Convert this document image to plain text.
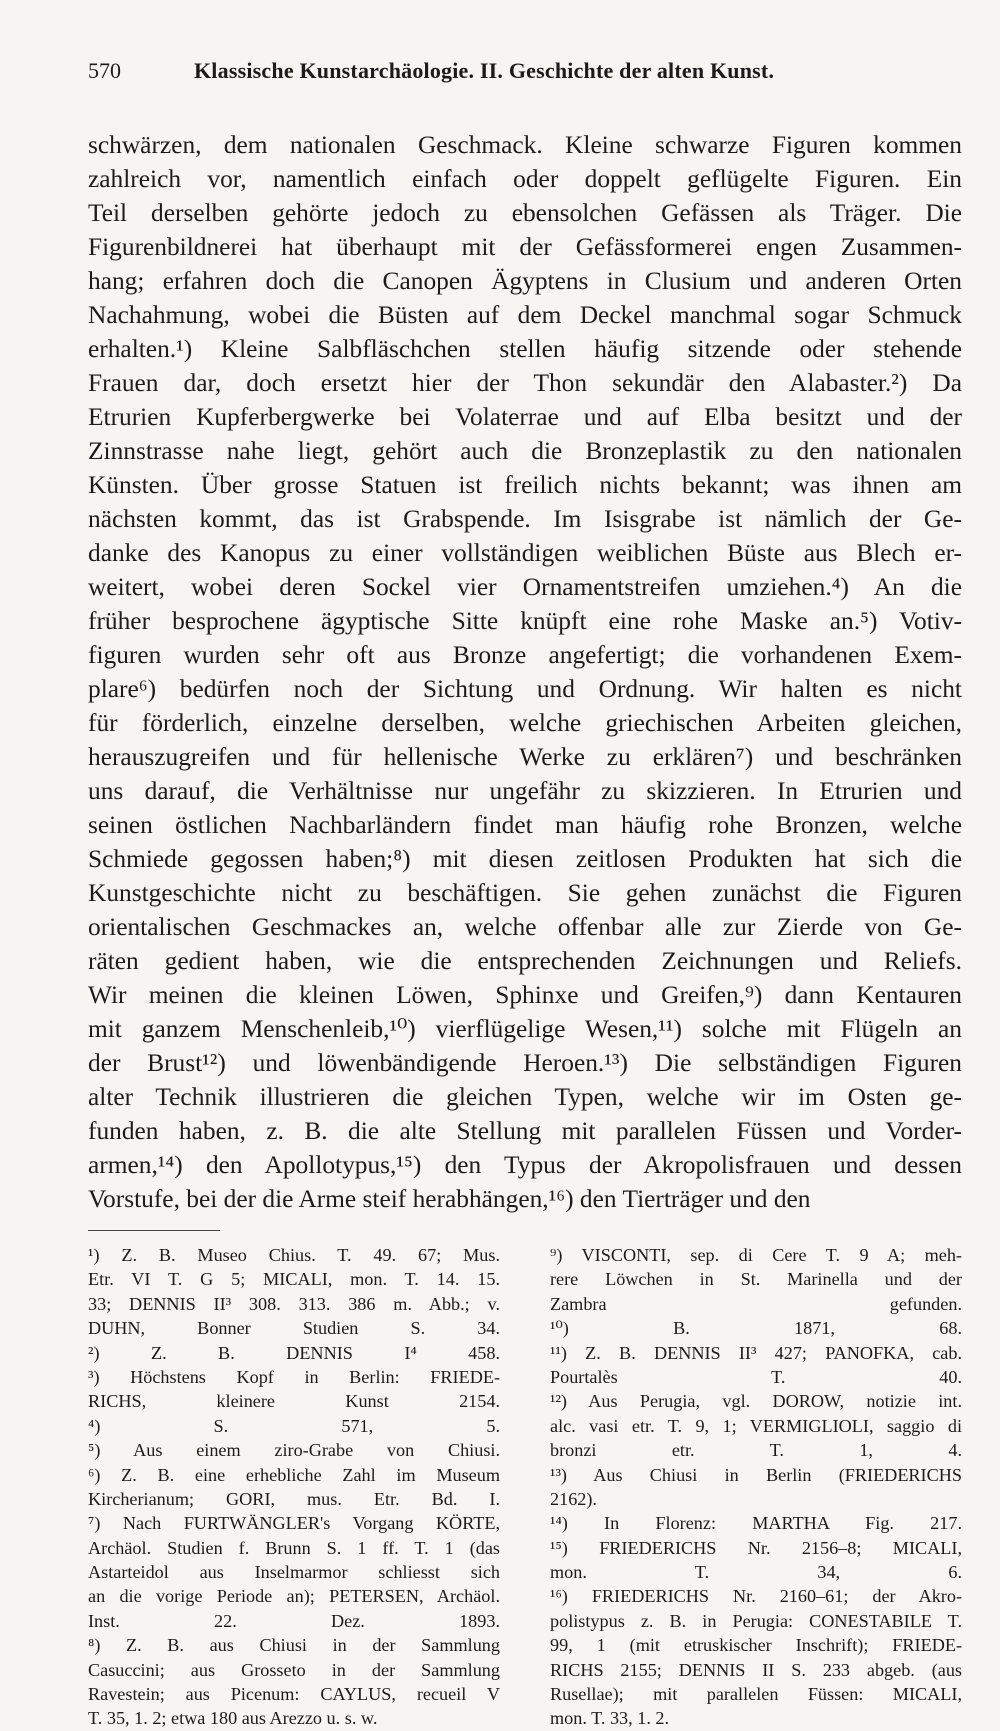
570	Klassische Kunstarchäologie. II. Geschichte der alten Kunst.
schwärzen, dem nationalen Geschmack. Kleine schwarze Figuren kommen
zahlreich vor, namentlich einfach oder doppelt geflügelte Figuren. Ein
Teil derselben gehörte jedoch zu ebensolchen Gefässen als Träger. Die
Figurenbildnerei hat überhaupt mit der Gefässformerei engen Zusammen-
hang; erfahren doch die Canopen Ägyptens in Clusium und anderen Orten
Nachahmung, wobei die Büsten auf dem Deckel manchmal sogar Schmuck
erhalten.¹) Kleine Salbfläschchen stellen häufig sitzende oder stehende
Frauen dar, doch ersetzt hier der Thon sekundär den Alabaster.²) Da
Etrurien Kupferbergwerke bei Volaterrae und auf Elba besitzt und der
Zinnstrasse nahe liegt, gehört auch die Bronzeplastik zu den nationalen
Künsten. Über grosse Statuen ist freilich nichts bekannt; was ihnen am
nächsten kommt, das ist Grabspende. Im Isisgrabe ist nämlich der Ge-
danke des Kanopus zu einer vollständigen weiblichen Büste aus Blech er-
weitert, wobei deren Sockel vier Ornamentstreifen umziehen.⁴) An die
früher besprochene ägyptische Sitte knüpft eine rohe Maske an.⁵) Votiv-
figuren wurden sehr oft aus Bronze angefertigt; die vorhandenen Exem-
plare⁶) bedürfen noch der Sichtung und Ordnung. Wir halten es nicht
für förderlich, einzelne derselben, welche griechischen Arbeiten gleichen,
herauszugreifen und für hellenische Werke zu erklären⁷) und beschränken
uns darauf, die Verhältnisse nur ungefähr zu skizzieren. In Etrurien und
seinen östlichen Nachbarländern findet man häufig rohe Bronzen, welche
Schmiede gegossen haben;⁸) mit diesen zeitlosen Produkten hat sich die
Kunstgeschichte nicht zu beschäftigen. Sie gehen zunächst die Figuren
orientalischen Geschmackes an, welche offenbar alle zur Zierde von Ge-
räten gedient haben, wie die entsprechenden Zeichnungen und Reliefs.
Wir meinen die kleinen Löwen, Sphinxe und Greifen,⁹) dann Kentauren
mit ganzem Menschenleib,¹⁰) vierflügelige Wesen,¹¹) solche mit Flügeln an
der Brust¹²) und löwenbändigende Heroen.¹³) Die selbständigen Figuren
alter Technik illustrieren die gleichen Typen, welche wir im Osten ge-
funden haben, z. B. die alte Stellung mit parallelen Füssen und Vorder-
armen,¹⁴) den Apollotypus,¹⁵) den Typus der Akropolisfrauen und dessen
Vorstufe, bei der die Arme steif herabhängen,¹⁶) den Tierträger und den
¹) Z. B. Museo Chius. T. 49. 67; Mus.
Etr. VI T. G 5; MICALI, mon. T. 14. 15.
33; DENNIS II³ 308. 313. 386 m. Abb.; v.
DUHN, Bonner Studien S. 34.
²) Z. B. DENNIS I⁴ 458.
³) Höchstens Kopf in Berlin: FRIEDE-
RICHS, kleinere Kunst 2154.
⁴) S. 571, 5.
⁵) Aus einem ziro-Grabe von Chiusi.
⁶) Z. B. eine erhebliche Zahl im Museum
Kircherianum; GORI, mus. Etr. Bd. I.
⁷) Nach FURTWÄNGLER's Vorgang KÖRTE,
Archäol. Studien f. Brunn S. 1 ff. T. 1 (das
Astarteidol aus Inselmarmor schliesst sich
an die vorige Periode an); PETERSEN, Archäol.
Inst. 22. Dez. 1893.
⁸) Z. B. aus Chiusi in der Sammlung
Casuccini; aus Grosseto in der Sammlung
Ravestein; aus Picenum: CAYLUS, recueil V
T. 35, 1. 2; etwa 180 aus Arezzo u. s. w.
⁹) VISCONTI, sep. di Cere T. 9 A; meh-
rere Löwchen in St. Marinella und der
Zambra gefunden.
¹⁰) B. 1871, 68.
¹¹) Z. B. DENNIS II³ 427; PANOFKA, cab.
Pourtalès T. 40.
¹²) Aus Perugia, vgl. DOROW, notizie int.
alc. vasi etr. T. 9, 1; VERMIGLIOLI, saggio di
bronzi etr. T. 1, 4.
¹³) Aus Chiusi in Berlin (FRIEDERICHS
2162).
¹⁴) In Florenz: MARTHA Fig. 217.
¹⁵) FRIEDERICHS Nr. 2156–8; MICALI,
mon. T. 34, 6.
¹⁶) FRIEDERICHS Nr. 2160–61; der Akro-
polistypus z. B. in Perugia: CONESTABILE T.
99, 1 (mit etruskischer Inschrift); FRIEDE-
RICHS 2155; DENNIS II S. 233 abgeb. (aus
Rusellae); mit parallelen Füssen: MICALI,
mon. T. 33, 1. 2.
